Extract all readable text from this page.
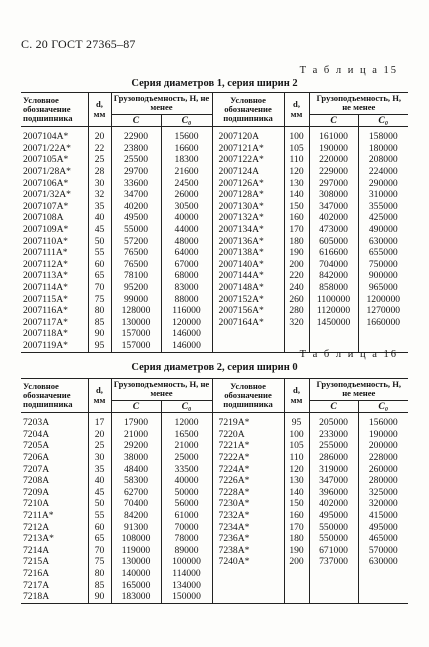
С. 20 ГОСТ 27365–87
Т а б л и ц а 15
Серия диаметров 1, серия ширин 2
Условное обозначение подшипника	d,
мм	Грузоподъемность, Н, не менее		Условное обозначение подшипника	d,
мм	Грузоподъемность, Н, не менее	
		C	C₀			C	C₀

2007104А*	20	22900	15600	2007120А	100	161000	158000
20071/22А*	22	23800	16600	2007121А*	105	190000	180000
2007105А*	25	25500	18300	2007122А*	110	220000	208000
20071/28А*	28	29700	21600	2007124А	120	229000	224000
2007106А*	30	33600	24500	2007126А*	130	297000	290000
20071/32А*	32	34700	26000	2007128А*	140	308000	310000
2007107А*	35	40200	30500	2007130А*	150	347000	355000
2007108А	40	49500	40000	2007132А*	160	402000	425000
2007109А*	45	55000	44000	2007134А*	170	473000	490000
2007110А*	50	57200	48000	2007136А*	180	605000	630000
2007111А*	55	76500	64000	2007138А*	190	616600	655000
2007112А*	60	76500	67000	2007140А*	200	704000	750000
2007113А*	65	78100	68000	2007144А*	220	842000	900000
2007114А*	70	95200	83000	2007148А*	240	858000	965000
2007115А*	75	99000	88000	2007152А*	260	1100000	1200000
2007116А*	80	128000	116000	2007156А*	280	1120000	1270000
2007117А*	85	130000	120000	2007164А*	320	1450000	1660000
2007118А*	90	157000	146000				
2007119А*	95	157000	146000				
Т а б л и ц а 16
Серия диаметров 2, серия ширин 0
Условное обозначение подшипника	d,
мм	Грузоподъемность, Н, не менее		Условное обозначение подшипника	d,
мм	Грузоподъемность, Н, не менее	
		C	C₀			C	C₀

7203А	17	17900	12000	7219А*	95	205000	156000
7204А	20	21000	16500	7220А	100	233000	190000
7205А	25	29200	21000	7221А*	105	255000	200000
7206А	30	38000	25000	7222А*	110	286000	228000
7207А	35	48400	33500	7224А*	120	319000	260000
7208А	40	58300	40000	7226А*	130	347000	280000
7209А	45	62700	50000	7228А*	140	396000	325000
7210А	50	70400	56000	7230А*	150	402000	320000
7211А*	55	84200	61000	7232А*	160	495000	415000
7212А	60	91300	70000	7234А*	170	550000	495000
7213А*	65	108000	78000	7236А*	180	550000	465000
7214А	70	119000	89000	7238А*	190	671000	570000
7215А	75	130000	100000	7240А*	200	737000	630000
7216А	80	140000	114000				
7217А	85	165000	134000				
7218А	90	183000	150000				
